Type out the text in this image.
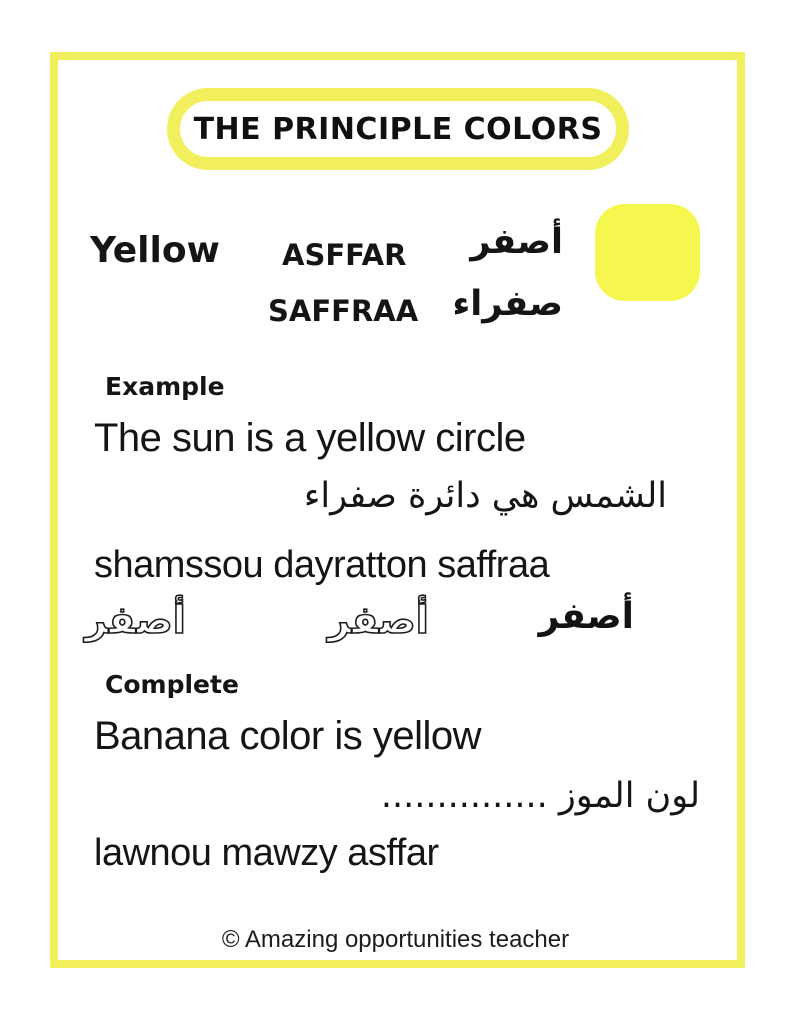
THE PRINCIPLE COLORS
Yellow ASFFAR أصفر
SAFFRAA صفراء
Example
The sun is a yellow circle
الشمس هي دائرة صفراء
shamssou dayratton saffraa
أصفر
أصفر
أصفر
Complete
Banana color is yellow
لون الموز ...............
lawnou mawzy asffar
© Amazing opportunities teacher
